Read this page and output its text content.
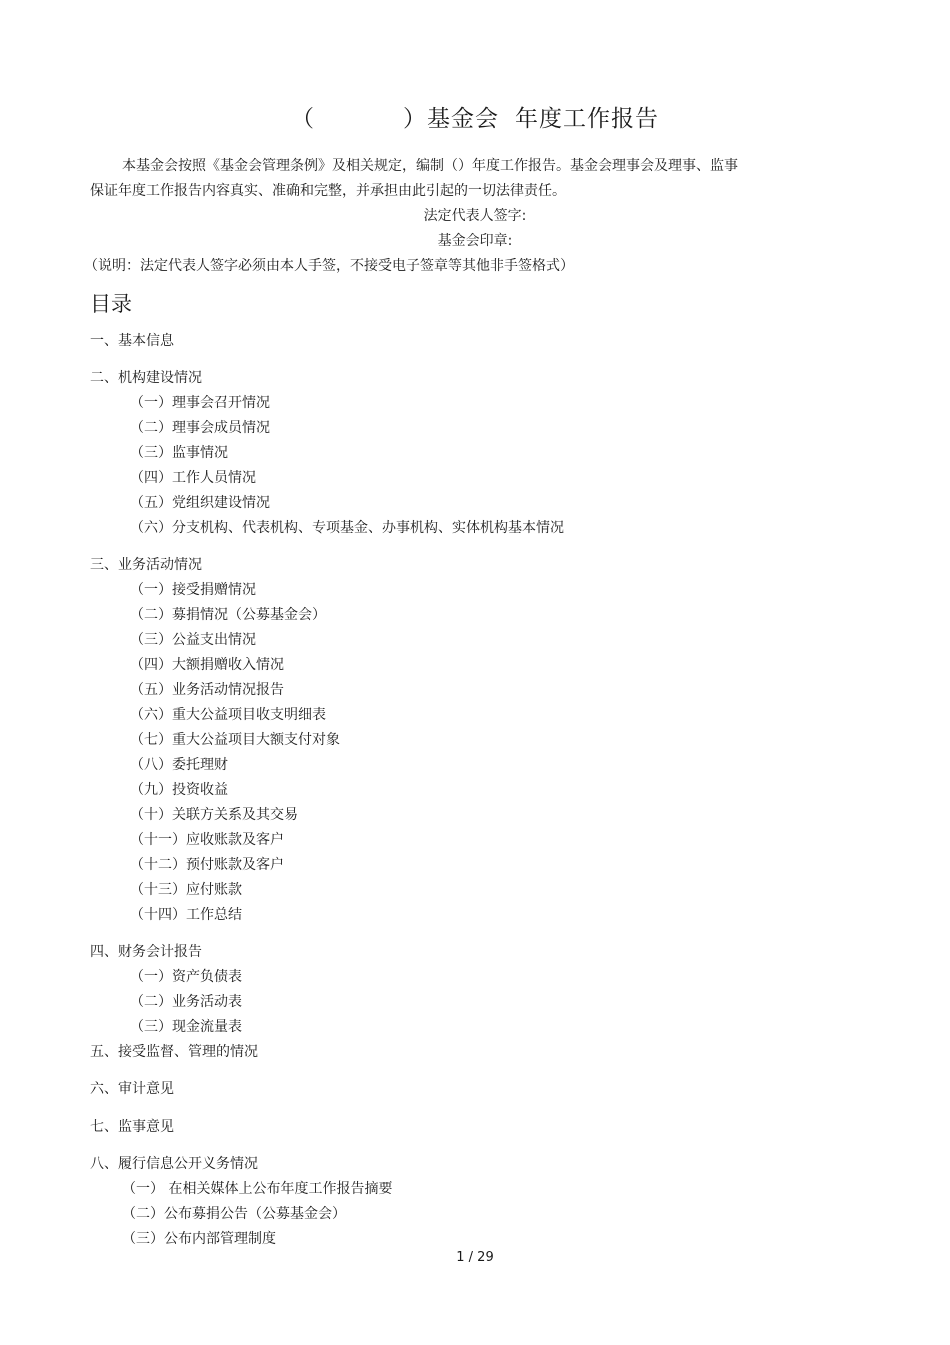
（	）基金会 年度工作报告
本基金会按照《基金会管理条例》及相关规定，编制（）年度工作报告。基金会理事会及理事、监事
保证年度工作报告内容真实、准确和完整，并承担由此引起的一切法律责任。
法定代表人签字:
基金会印章:
（说明：法定代表人签字必须由本人手签，不接受电子签章等其他非手签格式）
目录
一、基本信息
二、机构建设情况
（一）理事会召开情况
（二）理事会成员情况
（三）监事情况
（四）工作人员情况
（五）党组织建设情况
（六）分支机构、代表机构、专项基金、办事机构、实体机构基本情况
三、业务活动情况
（一）接受捐赠情况
（二）募捐情况（公募基金会）
（三）公益支出情况
（四）大额捐赠收入情况
（五）业务活动情况报告
（六）重大公益项目收支明细表
（七）重大公益项目大额支付对象
（八）委托理财
（九）投资收益
（十）关联方关系及其交易
（十一）应收账款及客户
（十二）预付账款及客户
（十三）应付账款
（十四）工作总结
四、财务会计报告
（一）资产负债表
（二）业务活动表
（三）现金流量表
五、接受监督、管理的情况
六、审计意见
七、监事意见
八、履行信息公开义务情况
（一） 在相关媒体上公布年度工作报告摘要
（二）公布募捐公告（公募基金会）
（三）公布内部管理制度
1 / 29
